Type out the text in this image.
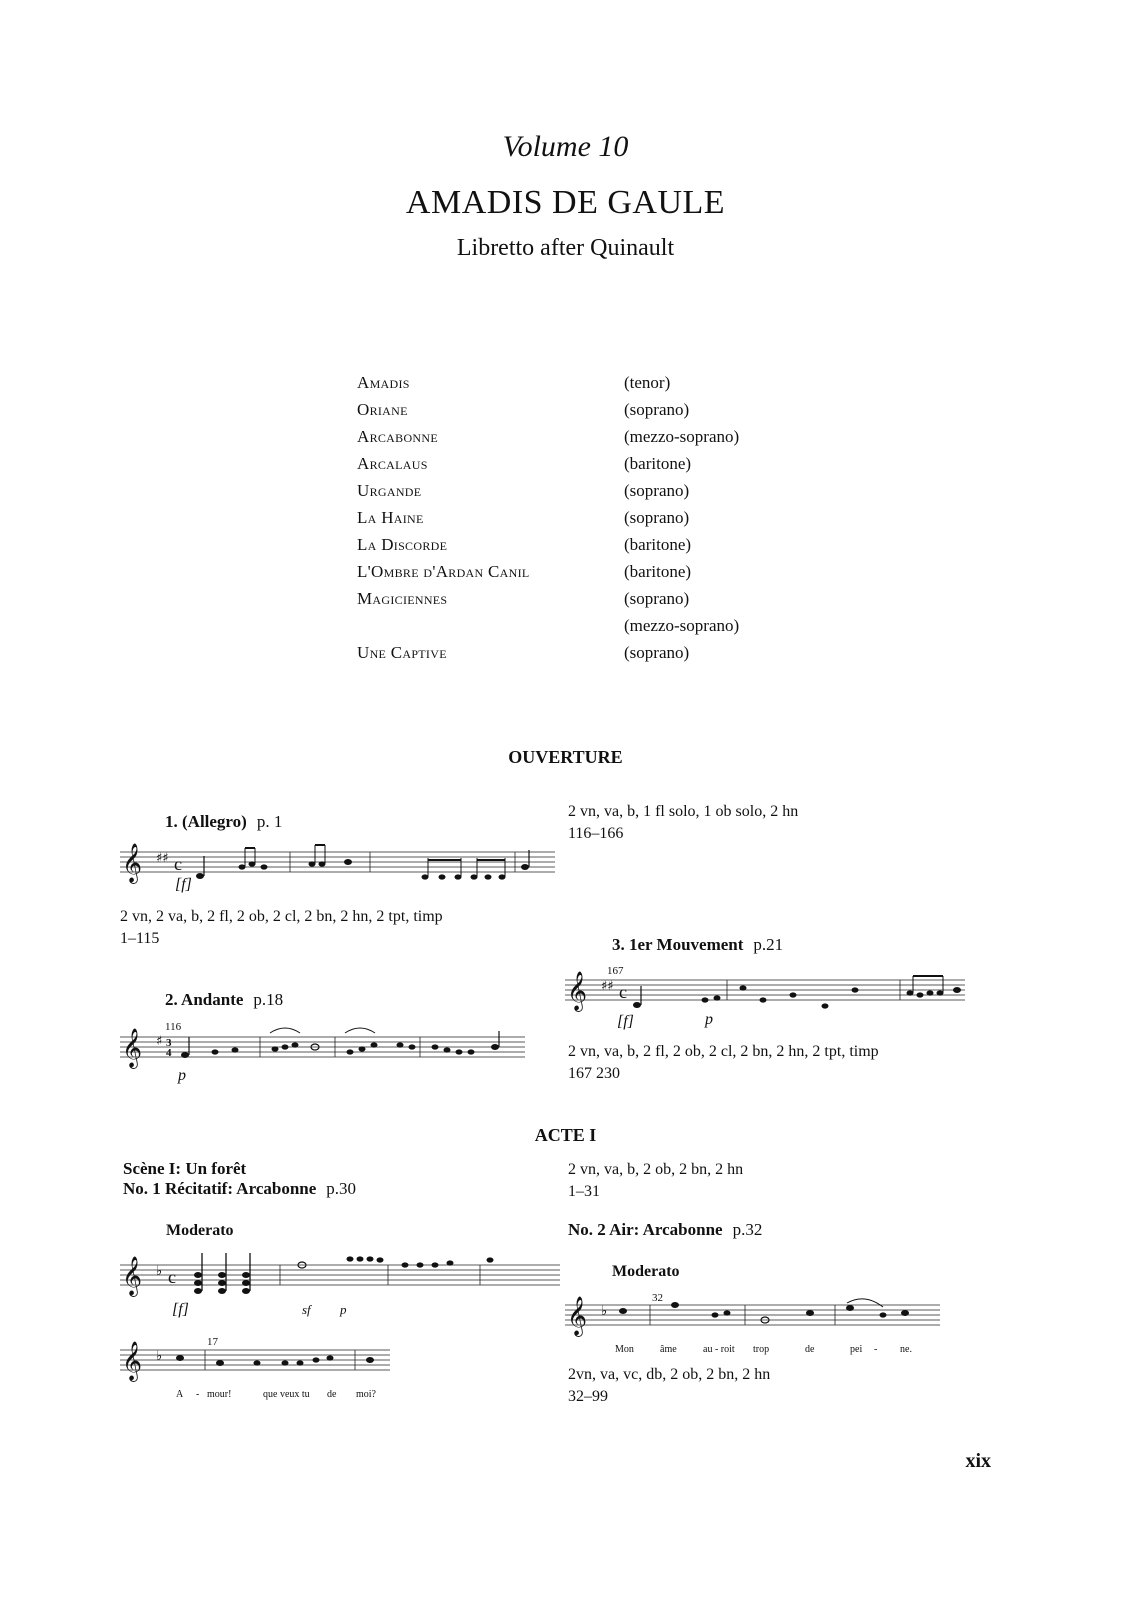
Volume 10
AMADIS DE GAULE
Libretto after Quinault
Amadis	(tenor)
Oriane	(soprano)
Arcabonne	(mezzo-soprano)
Arcalaus	(baritone)
Urgande	(soprano)
La Haine	(soprano)
La Discorde	(baritone)
L'Ombre d'Ardan Canil	(baritone)
Magiciennes	(soprano)
(mezzo-soprano)
Une Captive	(soprano)
OUVERTURE
1. (Allegro) p. 1
𝄞 ♯♯ c
[f]
2 vn, 2 va, b, 2 fl, 2 ob, 2 cl, 2 bn, 2 hn, 2 tpt, timp
1–115
2. Andante p.18
116
𝄞 ♯ 3
4
p
2 vn, va, b, 1 fl solo, 1 ob solo, 2 hn
116–166
3. 1er Mouvement p.21
167
𝄞 ♯♯ c
[f]	p
2 vn, va, b, 2 fl, 2 ob, 2 cl, 2 bn, 2 hn, 2 tpt, timp
167 230
ACTE I
Scène I: Un forêt
No. 1 Récitatif: Arcabonne p.30
Moderato
𝄞 ♭ c
[f]	sf p
17
𝄞 ♭
A - mour!	que veux tu de moi?
2 vn, va, b, 2 ob, 2 bn, 2 hn
1–31
No. 2 Air: Arcabonne p.32
Moderato
32
𝄞 ♭
Mon	âme	au - roit trop	de	pei - ne.
2vn, va, vc, db, 2 ob, 2 bn, 2 hn
32–99
xix
